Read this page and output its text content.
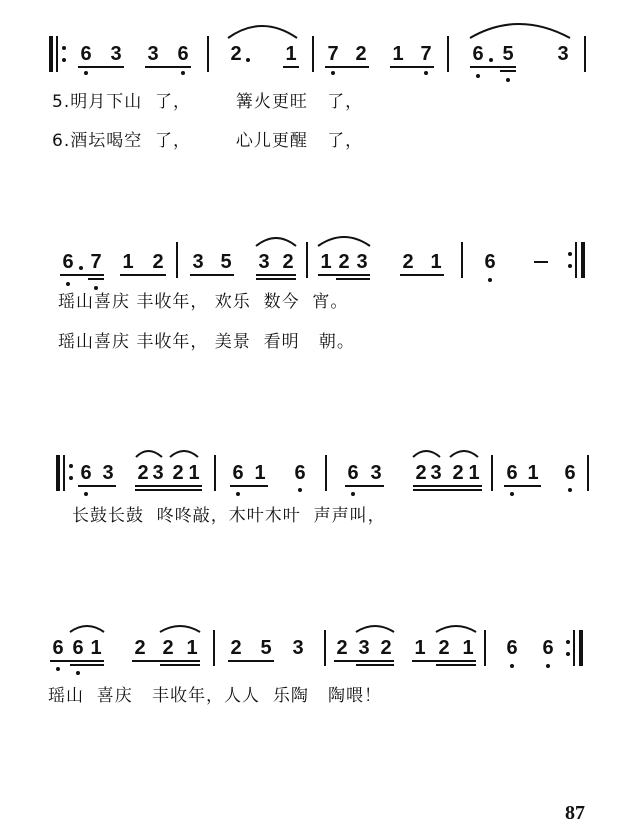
6 3 3 6 2 1 7 2 1 7 6 5 3
5.明月下山  了，       篝火更旺   了，
6.酒坛喝空  了，       心儿更醒   了，
6 7 1 2 3 5 3 2 1 2 3 2 1 6
瑶山喜庆 丰收年， 欢乐  数今  宵。
瑶山喜庆 丰收年， 美景  看明   朝。
6 3 2 3 2 1 6 1 6 6 3 2 3 2 1 6 1 6
长鼓长鼓  咚咚敲，木叶木叶  声声叫，
6 6 1 2 2 1 2 5 3 2 3 2 1 2 1 6 6
瑶山  喜庆   丰收年，人人  乐陶   陶喂！
87
